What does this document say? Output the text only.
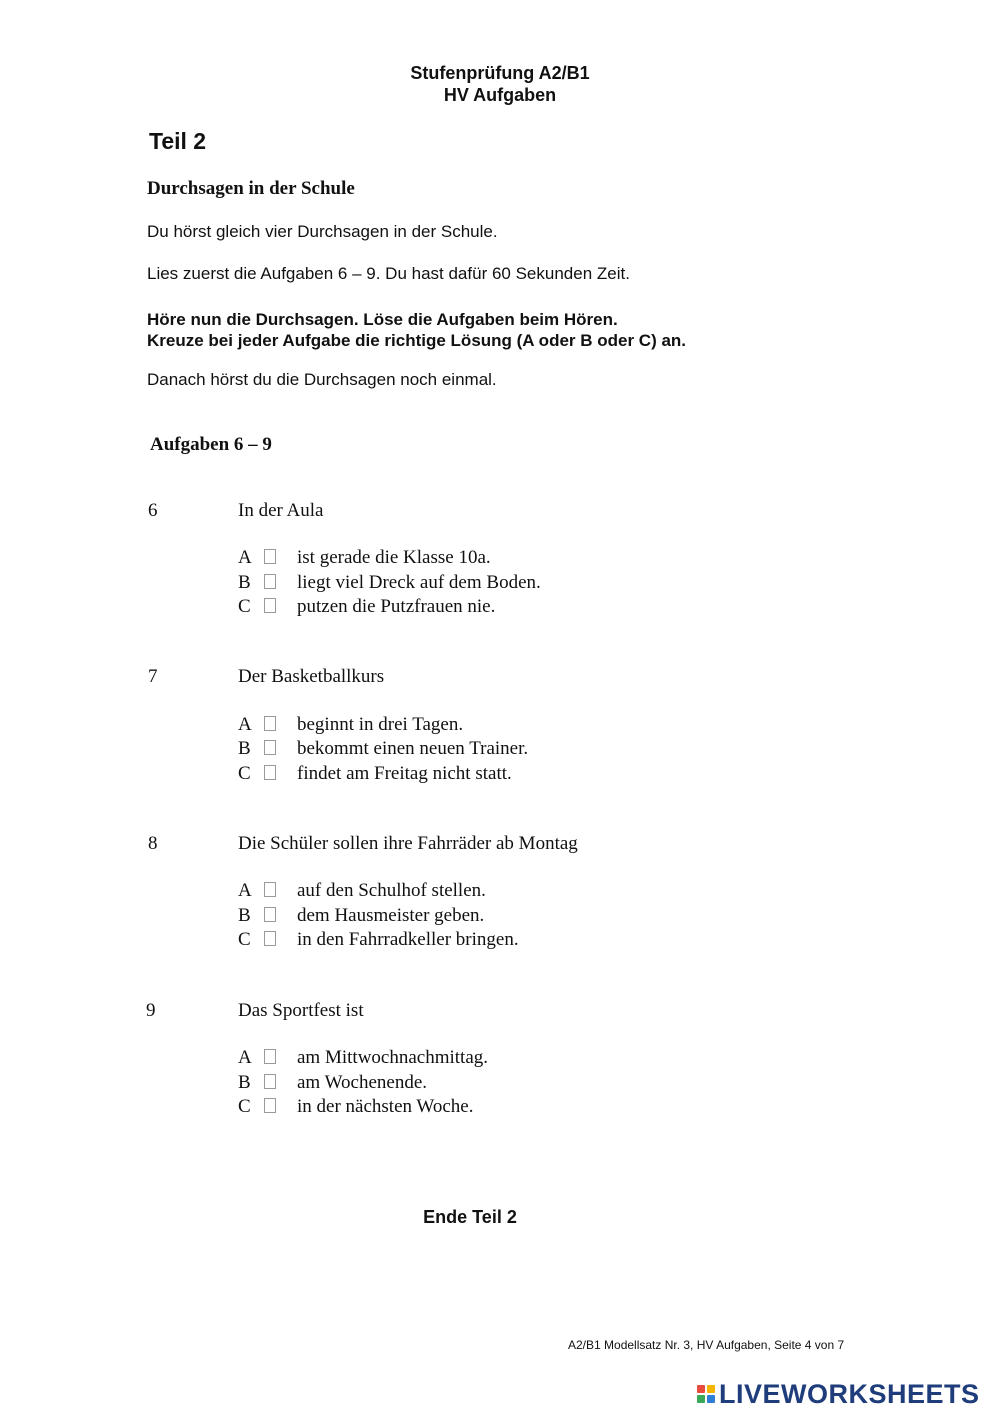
Stufenprüfung A2/B1
HV Aufgaben
Teil 2
Durchsagen in der Schule
Du hörst gleich vier Durchsagen in der Schule.
Lies zuerst die Aufgaben 6 – 9. Du hast dafür 60 Sekunden Zeit.
Höre nun die Durchsagen. Löse die Aufgaben beim Hören.
Kreuze bei jeder Aufgabe die richtige Lösung (A oder B oder C) an.
Danach hörst du die Durchsagen noch einmal.
Aufgaben 6 – 9
6	In der Aula
A ist gerade die Klasse 10a.
B liegt viel Dreck auf dem Boden.
C putzen die Putzfrauen nie.
7	Der Basketballkurs
A beginnt in drei Tagen.
B bekommt einen neuen Trainer.
C findet am Freitag nicht statt.
8	Die Schüler sollen ihre Fahrräder ab Montag
A auf den Schulhof stellen.
B dem Hausmeister geben.
C in den Fahrradkeller bringen.
9	Das Sportfest ist
A am Mittwochnachmittag.
B am Wochenende.
C in der nächsten Woche.
Ende Teil 2
A2/B1 Modellsatz Nr. 3, HV Aufgaben, Seite 4 von 7
LIVEWORKSHEETS
